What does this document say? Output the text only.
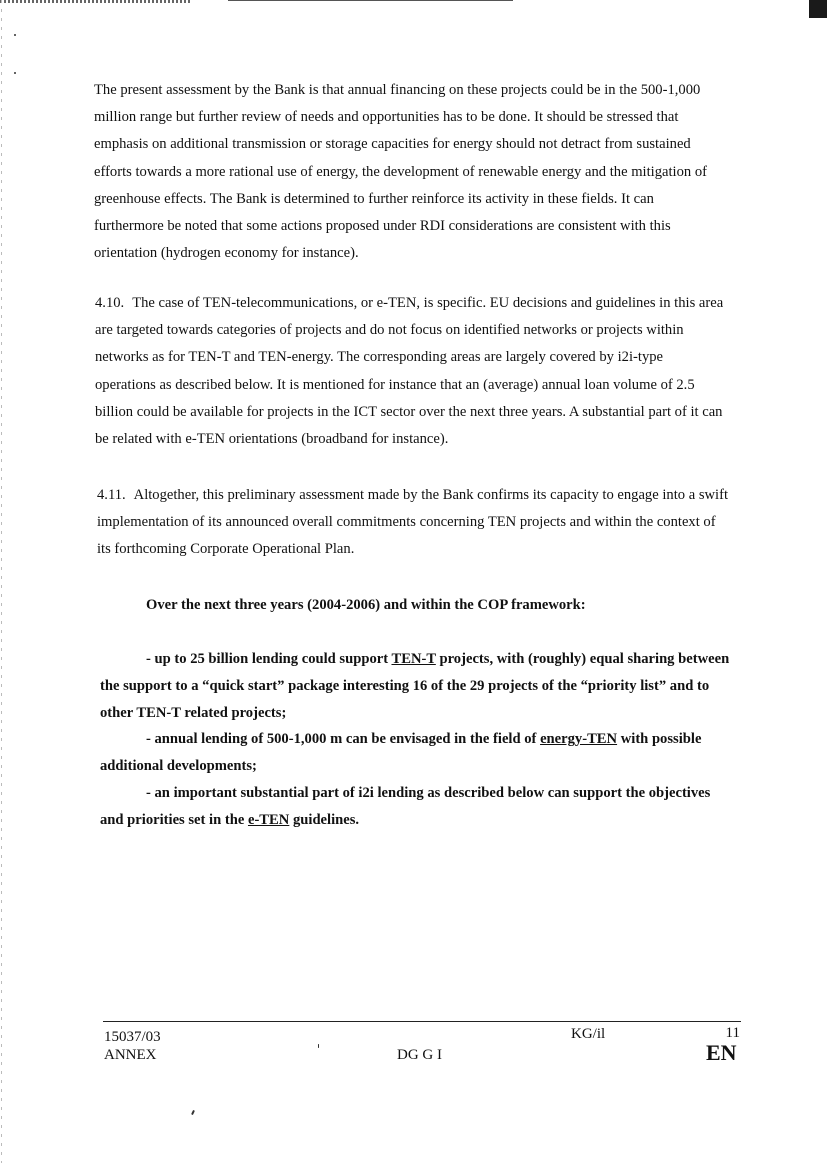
The present assessment by the Bank is that annual financing on these projects could be in the 500-1,000 million range but further review of needs and opportunities has to be done. It should be stressed that emphasis on additional transmission or storage capacities for energy should not detract from sustained efforts towards a more rational use of energy, the development of renewable energy and the mitigation of greenhouse effects. The Bank is determined to further reinforce its activity in these fields. It can furthermore be noted that some actions proposed under RDI considerations are consistent with this orientation (hydrogen economy for instance).

4.10. The case of TEN-telecommunications, or e-TEN, is specific. EU decisions and guidelines in this area are targeted towards categories of projects and do not focus on identified networks or projects within networks as for TEN-T and TEN-energy. The corresponding areas are largely covered by i2i-type operations as described below. It is mentioned for instance that an (average) annual loan volume of 2.5 billion could be available for projects in the ICT sector over the next three years. A substantial part of it can be related with e-TEN orientations (broadband for instance).

4.11. Altogether, this preliminary assessment made by the Bank confirms its capacity to engage into a swift implementation of its announced overall commitments concerning TEN projects and within the context of its forthcoming Corporate Operational Plan.

Over the next three years (2004-2006) and within the COP framework:
- up to 25 billion lending could support TEN-T projects, with (roughly) equal sharing between the support to a “quick start” package interesting 16 of the 29 projects of the “priority list” and to other TEN-T related projects;
- annual lending of 500-1,000 m can be envisaged in the field of energy-TEN with possible additional developments;
- an important substantial part of i2i lending as described below can support the objectives and priorities set in the e-TEN guidelines.
15037/03
ANNEX	DG G I
KG/il	11
EN
